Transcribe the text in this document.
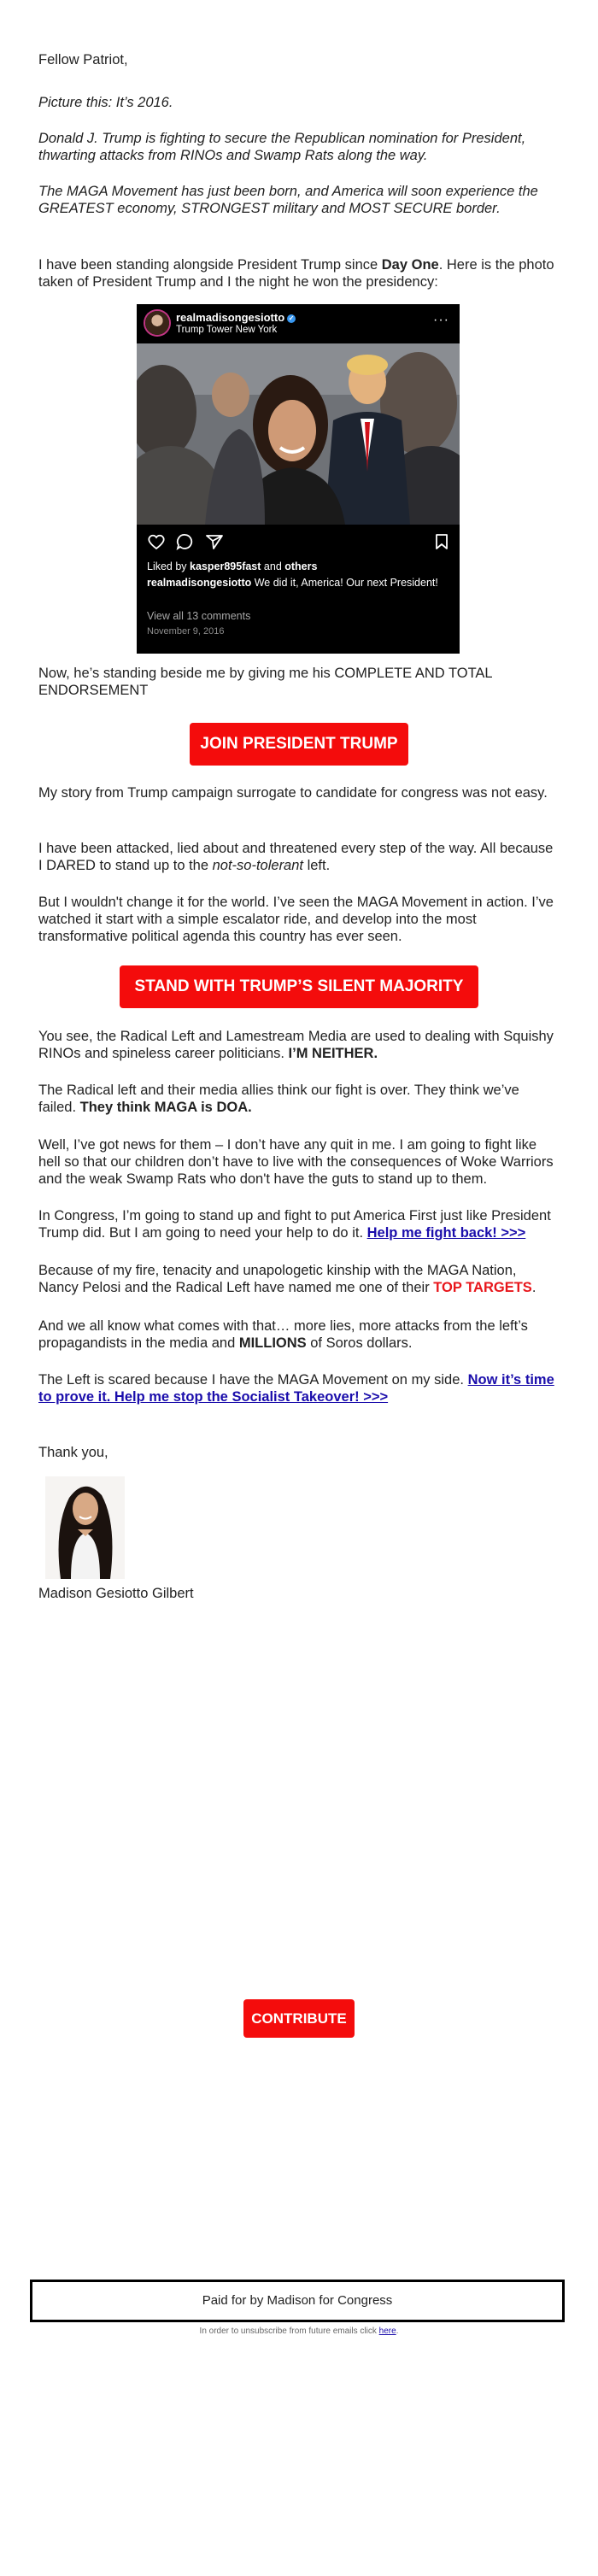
Fellow Patriot,

Picture this: It’s 2016.

Donald J. Trump is fighting to secure the Republican nomination for President, thwarting attacks from RINOs and Swamp Rats along the way.

The MAGA Movement has just been born, and America will soon experience the GREATEST economy, STRONGEST military and MOST SECURE border.

I have been standing alongside President Trump since Day One. Here is the photo taken of President Trump and I the night he won the presidency:

realmadisongesiotto ✓
Trump Tower New York
···
Liked by kasper895fast and others
realmadisongesiotto We did it, America! Our next President!
View all 13 comments
November 9, 2016

Now, he’s standing beside me by giving me his COMPLETE AND TOTAL ENDORSEMENT

JOIN PRESIDENT TRUMP

My story from Trump campaign surrogate to candidate for congress was not easy.

I have been attacked, lied about and threatened every step of the way. All because I DARED to stand up to the not-so-tolerant left.

But I wouldn't change it for the world. I’ve seen the MAGA Movement in action. I’ve watched it start with a simple escalator ride, and develop into the most transformative political agenda this country has ever seen.

STAND WITH TRUMP’S SILENT MAJORITY

You see, the Radical Left and Lamestream Media are used to dealing with Squishy RINOs and spineless career politicians. I’M NEITHER.

The Radical left and their media allies think our fight is over. They think we’ve failed. They think MAGA is DOA.

Well, I’ve got news for them – I don’t have any quit in me. I am going to fight like hell so that our children don’t have to live with the consequences of Woke Warriors and the weak Swamp Rats who don't have the guts to stand up to them.

In Congress, I’m going to stand up and fight to put America First just like President Trump did. But I am going to need your help to do it. Help me fight back! >>>

Because of my fire, tenacity and unapologetic kinship with the MAGA Nation, Nancy Pelosi and the Radical Left have named me one of their TOP TARGETS.

And we all know what comes with that… more lies, more attacks from the left’s propagandists in the media and MILLIONS of Soros dollars.

The Left is scared because I have the MAGA Movement on my side. Now it’s time to prove it. Help me stop the Socialist Takeover! >>>

Thank you,

Madison Gesiotto Gilbert

CONTRIBUTE
Paid for by Madison for Congress
In order to unsubscribe from future emails click here.
